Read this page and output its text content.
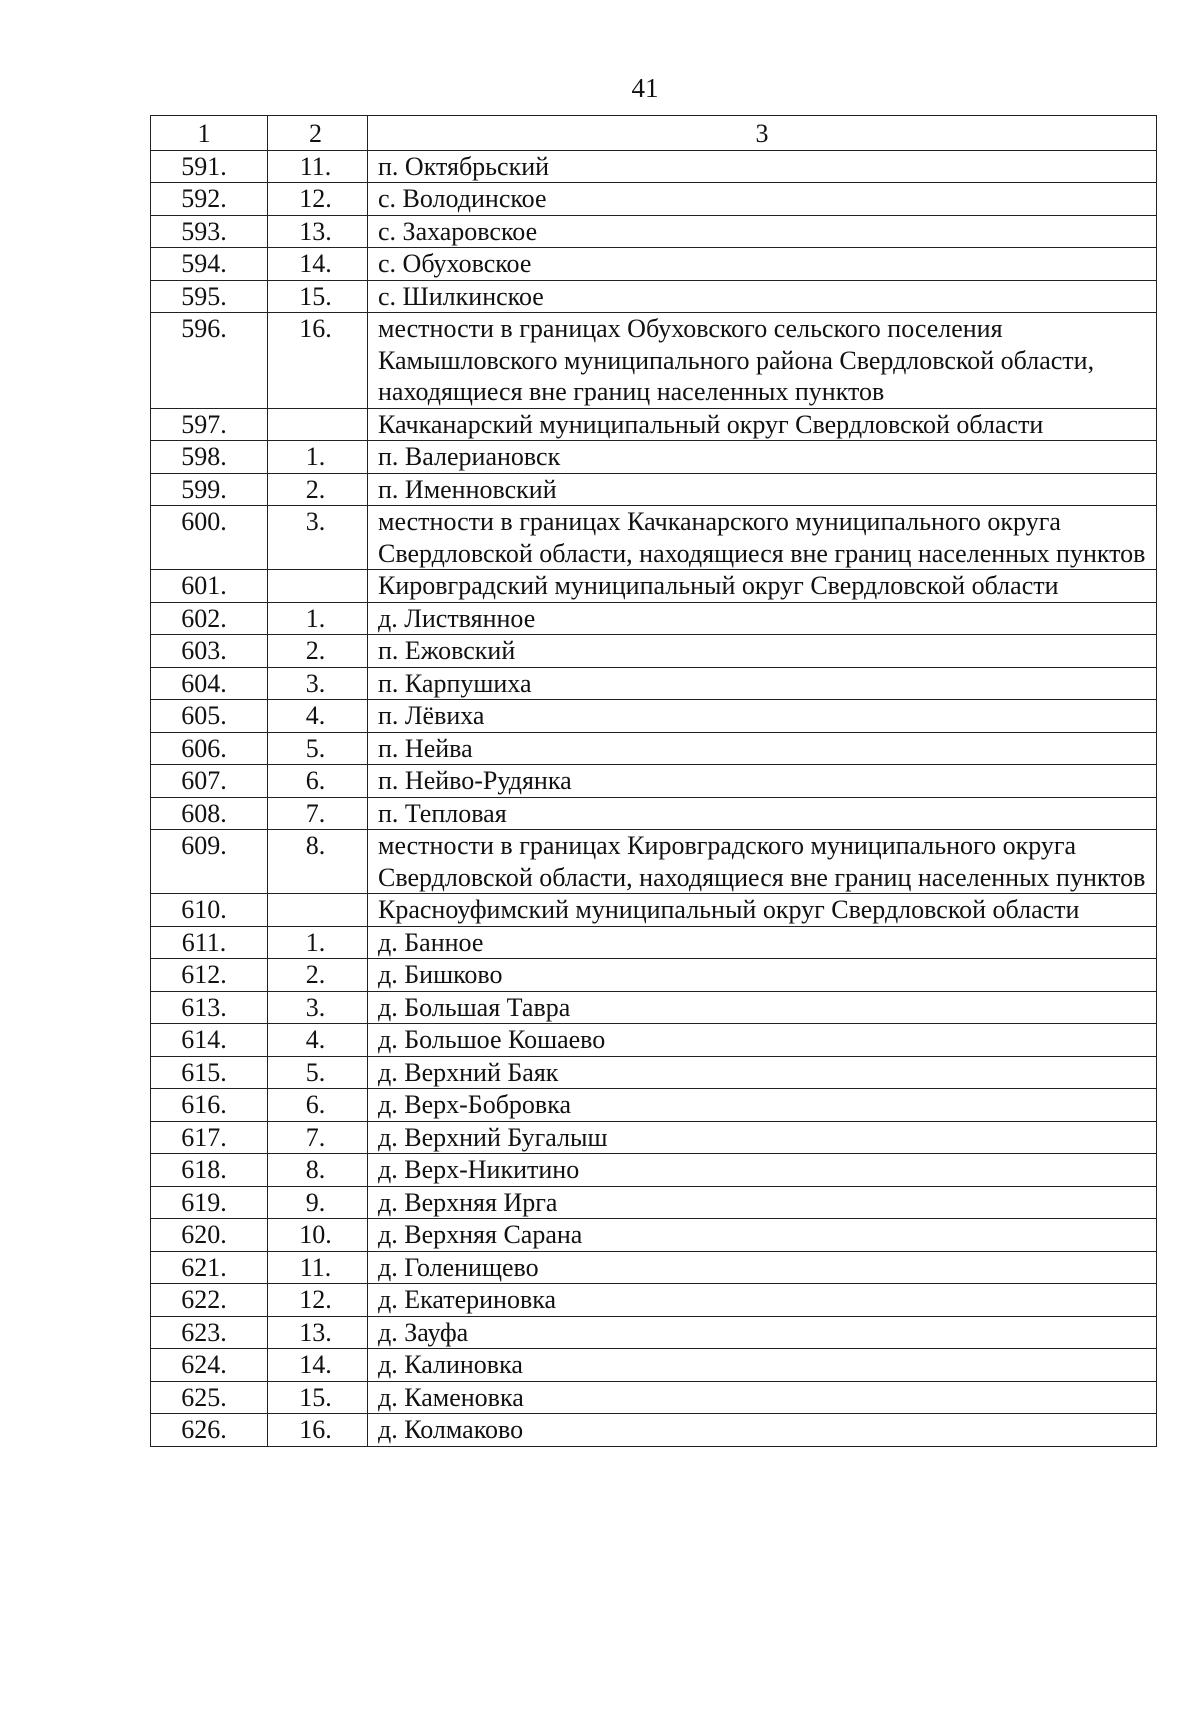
41
1	2	3
591.	11.	п. Октябрьский
592.	12.	с. Володинское
593.	13.	с. Захаровское
594.	14.	с. Обуховское
595.	15.	с. Шилкинское
596.	16.	местности в границах Обуховского сельского поселения Камышловского муниципального района Свердловской области, находящиеся вне границ населенных пунктов
597.		Качканарский муниципальный округ Свердловской области
598.	1.	п. Валериановск
599.	2.	п. Именновский
600.	3.	местности в границах Качканарского муниципального округа Свердловской области, находящиеся вне границ населенных пунктов
601.		Кировградский муниципальный округ Свердловской области
602.	1.	д. Листвянное
603.	2.	п. Ежовский
604.	3.	п. Карпушиха
605.	4.	п. Лёвиха
606.	5.	п. Нейва
607.	6.	п. Нейво-Рудянка
608.	7.	п. Тепловая
609.	8.	местности в границах Кировградского муниципального округа Свердловской области, находящиеся вне границ населенных пунктов
610.		Красноуфимский муниципальный округ Свердловской области
611.	1.	д. Банное
612.	2.	д. Бишково
613.	3.	д. Большая Тавра
614.	4.	д. Большое Кошаево
615.	5.	д. Верхний Баяк
616.	6.	д. Верх-Бобровка
617.	7.	д. Верхний Бугалыш
618.	8.	д. Верх-Никитино
619.	9.	д. Верхняя Ирга
620.	10.	д. Верхняя Сарана
621.	11.	д. Голенищево
622.	12.	д. Екатериновка
623.	13.	д. Зауфа
624.	14.	д. Калиновка
625.	15.	д. Каменовка
626.	16.	д. Колмаково
